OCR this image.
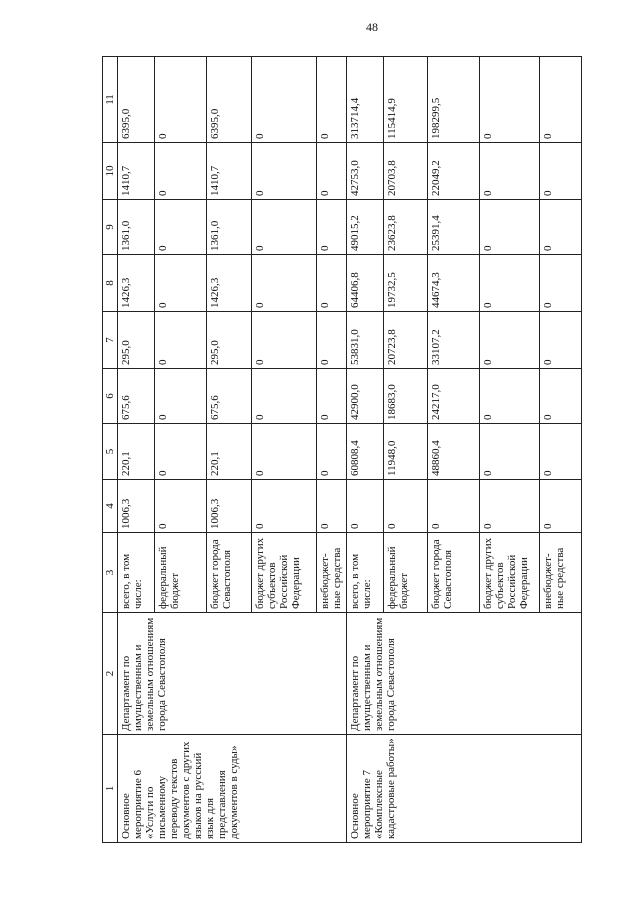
48
1	2	3	4	5	6	7	8	9	10	11
Основное мероприятие 6 «Услуги по письменному переводу текстов документов с других языков на русский язык для представления документов в суды»	Департамент по имущественным и земельным отношениям города Севастополя	всего, в том числе:	1006,3	220,1	675,6	295,0	1426,3	1361,0	1410,7	6395,0
		федеральный бюджет	0	0	0	0	0	0	0	0
		бюджет города Севастополя	1006,3	220,1	675,6	295,0	1426,3	1361,0	1410,7	6395,0
		бюджет других субъектов Российской Федерации	0	0	0	0	0	0	0	0
		внебюджет-ные средства	0	0	0	0	0	0	0	0
Основное мероприятие 7 «Комплексные кадастровые работы»	Департамент по имущественным и земельным отношениям города Севастополя	всего, в том числе:	0	60808,4	42900,0	53831,0	64406,8	49015,2	42753,0	313714,4
		федеральный бюджет	0	11948,0	18683,0	20723,8	19732,5	23623,8	20703,8	115414,9
		бюджет города Севастополя	0	48860,4	24217,0	33107,2	44674,3	25391,4	22049,2	198299,5
		бюджет других субъектов Российской Федерации	0	0	0	0	0	0	0	0
		внебюджет-ные средства	0	0	0	0	0	0	0	0
